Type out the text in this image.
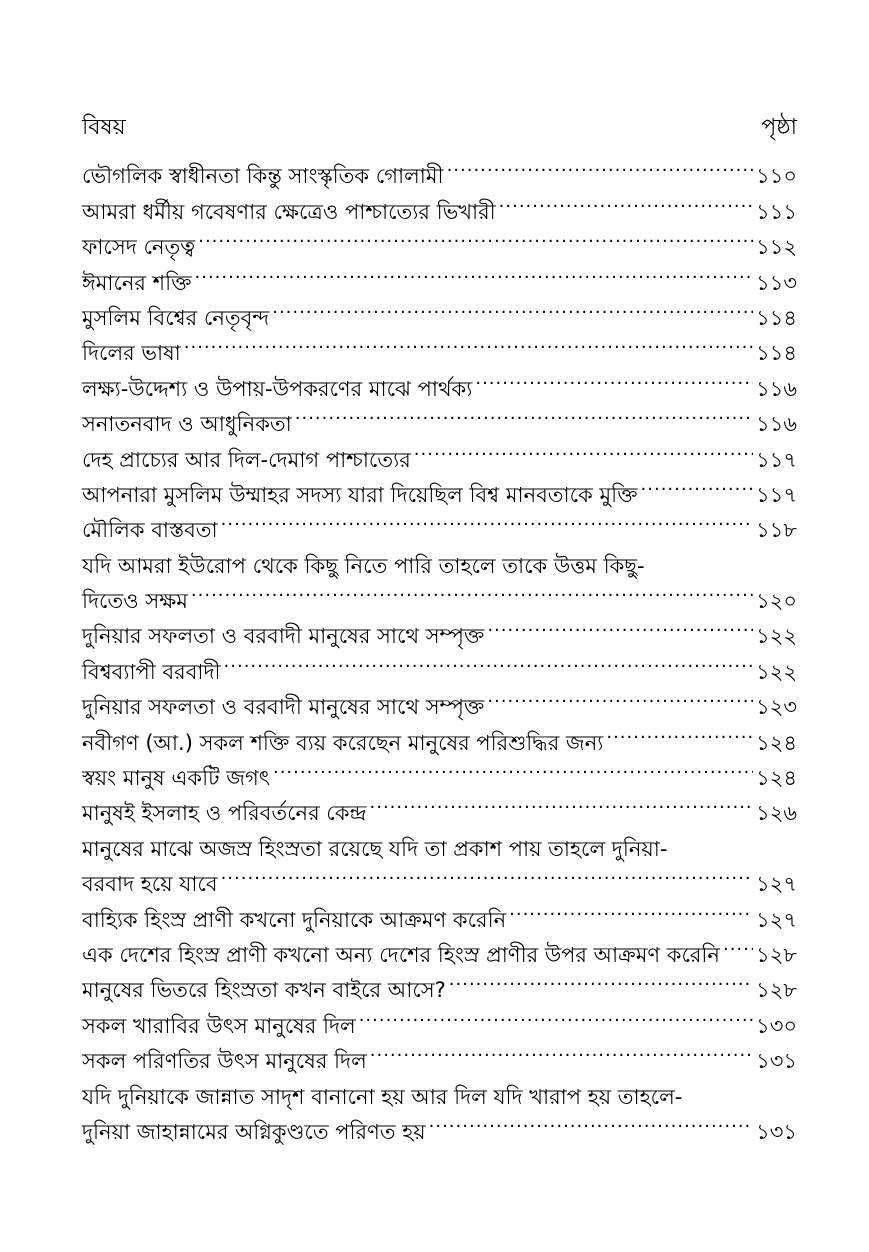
বিষয়	পৃষ্ঠা
ভৌগলিক স্বাধীনতা কিন্তু সাংস্কৃতিক গোলামী .....	১১০
আমরা ধর্মীয় গবেষণার ক্ষেত্রেও পাশ্চাত্যের ভিখারী .....	১১১
ফাসেদ নেতৃত্ব .....	১১২
ঈমানের শক্তি .....	১১৩
মুসলিম বিশ্বের নেতৃবৃন্দ .....	১১৪
দিলের ভাষা .....	১১৪
লক্ষ্য-উদ্দেশ্য ও উপায়-উপকরণের মাঝে পার্থক্য .....	১১৬
সনাতনবাদ ও আধুনিকতা .....	১১৬
দেহ প্রাচ্যের আর দিল-দেমাগ পাশ্চাত্যের .....	১১৭
আপনারা মুসলিম উম্মাহর সদস্য যারা দিয়েছিল বিশ্ব মানবতাকে মুক্তি .....	১১৭
মৌলিক বাস্তবতা .....	১১৮
যদি আমরা ইউরোপ থেকে কিছু নিতে পারি তাহলে তাকে উত্তম কিছু-
দিতেও সক্ষম .....	১২০
দুনিয়ার সফলতা ও বরবাদী মানুষের সাথে সম্পৃক্ত .....	১২২
বিশ্বব্যাপী বরবাদী .....	১২২
দুনিয়ার সফলতা ও বরবাদী মানুষের সাথে সম্পৃক্ত .....	১২৩
নবীগণ (আ.) সকল শক্তি ব্যয় করেছেন মানুষের পরিশুদ্ধির জন্য .....	১২৪
স্বয়ং মানুষ একটি জগৎ .....	১২৪
মানুষই ইসলাহ ও পরিবর্তনের কেন্দ্র .....	১২৬
মানুষের মাঝে অজস্র হিংস্রতা রয়েছে যদি তা প্রকাশ পায় তাহলে দুনিয়া-
বরবাদ হয়ে যাবে .....	১২৭
বাহ্যিক হিংস্র প্রাণী কখনো দুনিয়াকে আক্রমণ করেনি .....	১২৭
এক দেশের হিংস্র প্রাণী কখনো অন্য দেশের হিংস্র প্রাণীর উপর আক্রমণ করেনি ..... ১২৮
মানুষের ভিতরে হিংস্রতা কখন বাইরে আসে? .....	১২৮
সকল খারাবির উৎস মানুষের দিল .....	১৩০
সকল পরিণতির উৎস মানুষের দিল .....	১৩১
যদি দুনিয়াকে জান্নাত সাদৃশ বানানো হয় আর দিল যদি খারাপ হয় তাহলে-
দুনিয়া জাহান্নামের অগ্নিকুণ্ডতে পরিণত হয় .....	১৩১
